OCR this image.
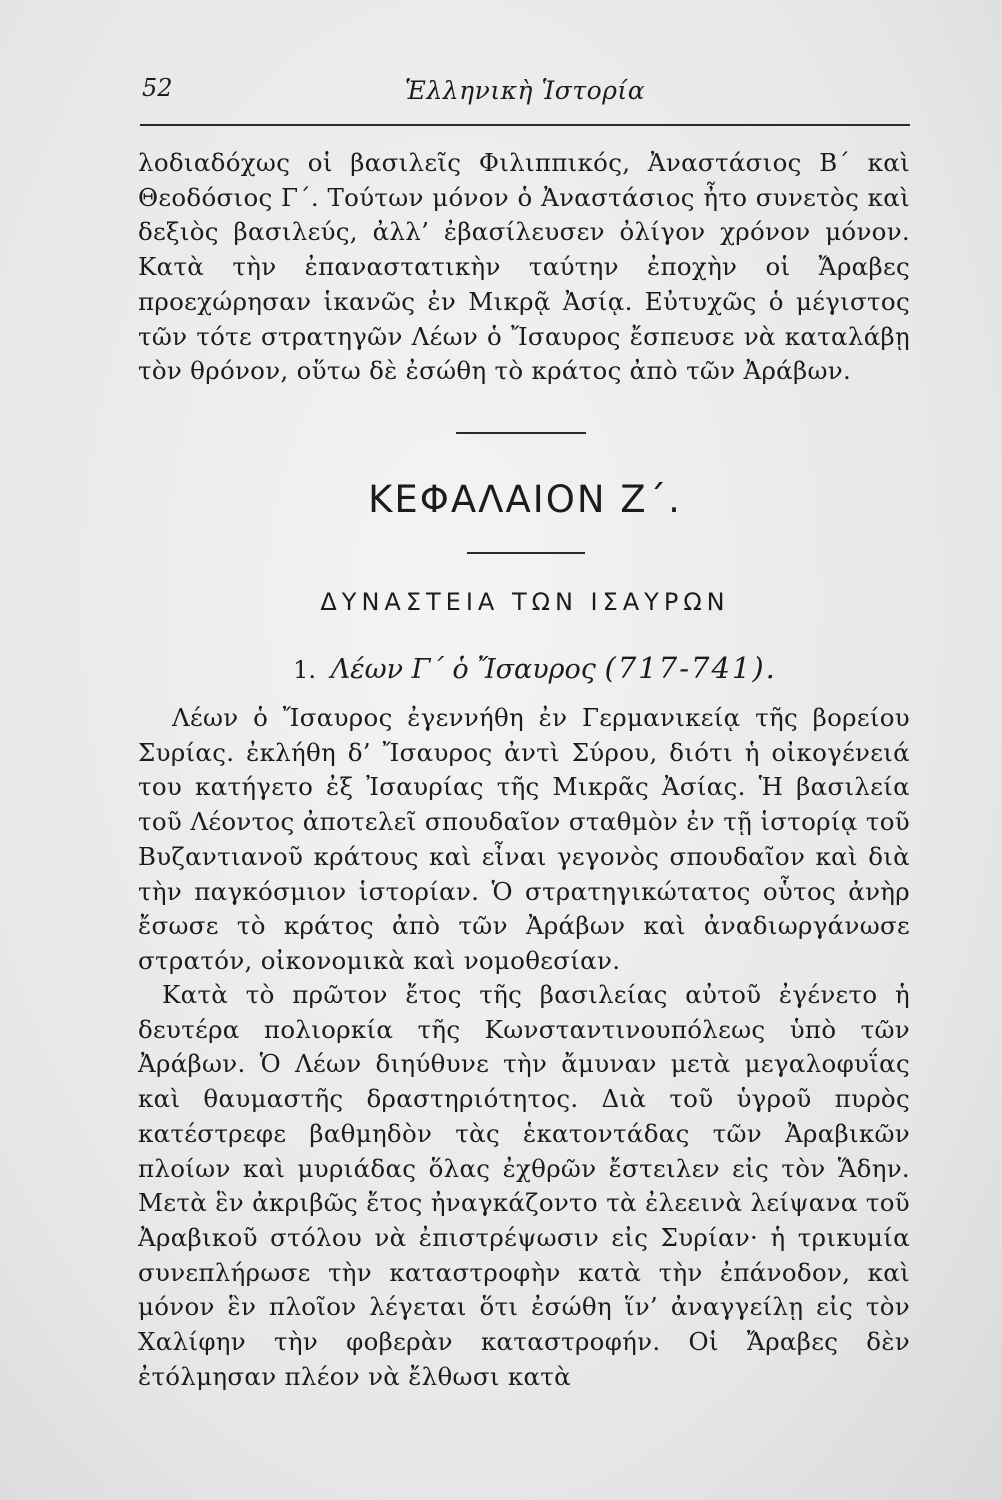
52	Ἑλληνικὴ Ἱστορία

λοδιαδόχως οἱ βασιλεῖς Φιλιππικός, Ἀναστάσιος Β΄ καὶ Θεοδόσιος Γ΄. Τούτων μόνον ὁ Ἀναστάσιος ἦτο συνετὸς καὶ δεξιὸς βασιλεύς, ἀλλ’ ἐβασίλευσεν ὀλίγον χρόνον μόνον. Κατὰ τὴν ἐπαναστατικὴν ταύτην ἐποχὴν οἱ Ἄραβες προεχώρησαν ἱκανῶς ἐν Μικρᾷ Ἀσίᾳ. Εὐτυχῶς ὁ μέγιστος τῶν τότε στρατηγῶν Λέων ὁ Ἴσαυρος ἔσπευσε νὰ καταλάβῃ τὸν θρόνον, οὕτω δὲ ἐσώθη τὸ κράτος ἀπὸ τῶν Ἀράβων.

ΚΕΦΑΛΑΙΟΝ Ζ΄.
ΔΥΝΑΣΤΕΙΑ ΤΩΝ ΙΣΑΥΡΩΝ
1. Λέων Γ΄ ὁ Ἴσαυρος (717-741).

Λέων ὁ Ἴσαυρος ἐγεννήθη ἐν Γερμανικείᾳ τῆς βορείου Συρίας. ἐκλήθη δ’ Ἴσαυρος ἀντὶ Σύρου, διότι ἡ οἰκογένειά του κατήγετο ἐξ Ἰσαυρίας τῆς Μικρᾶς Ἀσίας. Ἡ βασιλεία τοῦ Λέοντος ἀποτελεῖ σπουδαῖον σταθμὸν ἐν τῇ ἱστορίᾳ τοῦ Βυζαντιανοῦ κράτους καὶ εἶναι γεγονὸς σπουδαῖον καὶ διὰ τὴν παγκόσμιον ἱστορίαν. Ὁ στρατηγικώτατος οὗτος ἀνὴρ ἔσωσε τὸ κράτος ἀπὸ τῶν Ἀράβων καὶ ἀναδιωργάνωσε στρατόν, οἰκονομικὰ καὶ νομοθεσίαν.

Κατὰ τὸ πρῶτον ἔτος τῆς βασιλείας αὐτοῦ ἐγένετο ἡ δευτέρα πολιορκία τῆς Κωνσταντινουπόλεως ὑπὸ τῶν Ἀράβων. Ὁ Λέων διηύθυνε τὴν ἄμυναν μετὰ μεγαλοφυΐας καὶ θαυμαστῆς δραστηριότητος. Διὰ τοῦ ὑγροῦ πυρὸς κατέστρεφε βαθμηδὸν τὰς ἑκατοντάδας τῶν Ἀραβικῶν πλοίων καὶ μυριάδας ὅλας ἐχθρῶν ἔστειλεν εἰς τὸν Ἅδην. Μετὰ ἓν ἀκριβῶς ἔτος ἠναγκάζοντο τὰ ἐλεεινὰ λείψανα τοῦ Ἀραβικοῦ στόλου νὰ ἐπιστρέψωσιν εἰς Συρίαν· ἡ τρικυμία συνεπλήρωσε τὴν καταστροφὴν κατὰ τὴν ἐπάνοδον, καὶ μόνον ἓν πλοῖον λέγεται ὅτι ἐσώθη ἵν’ ἀναγγείλῃ εἰς τὸν Χαλίφην τὴν φοβερὰν καταστροφήν. Οἱ Ἄραβες δὲν ἐτόλμησαν πλέον νὰ ἔλθωσι κατὰ
